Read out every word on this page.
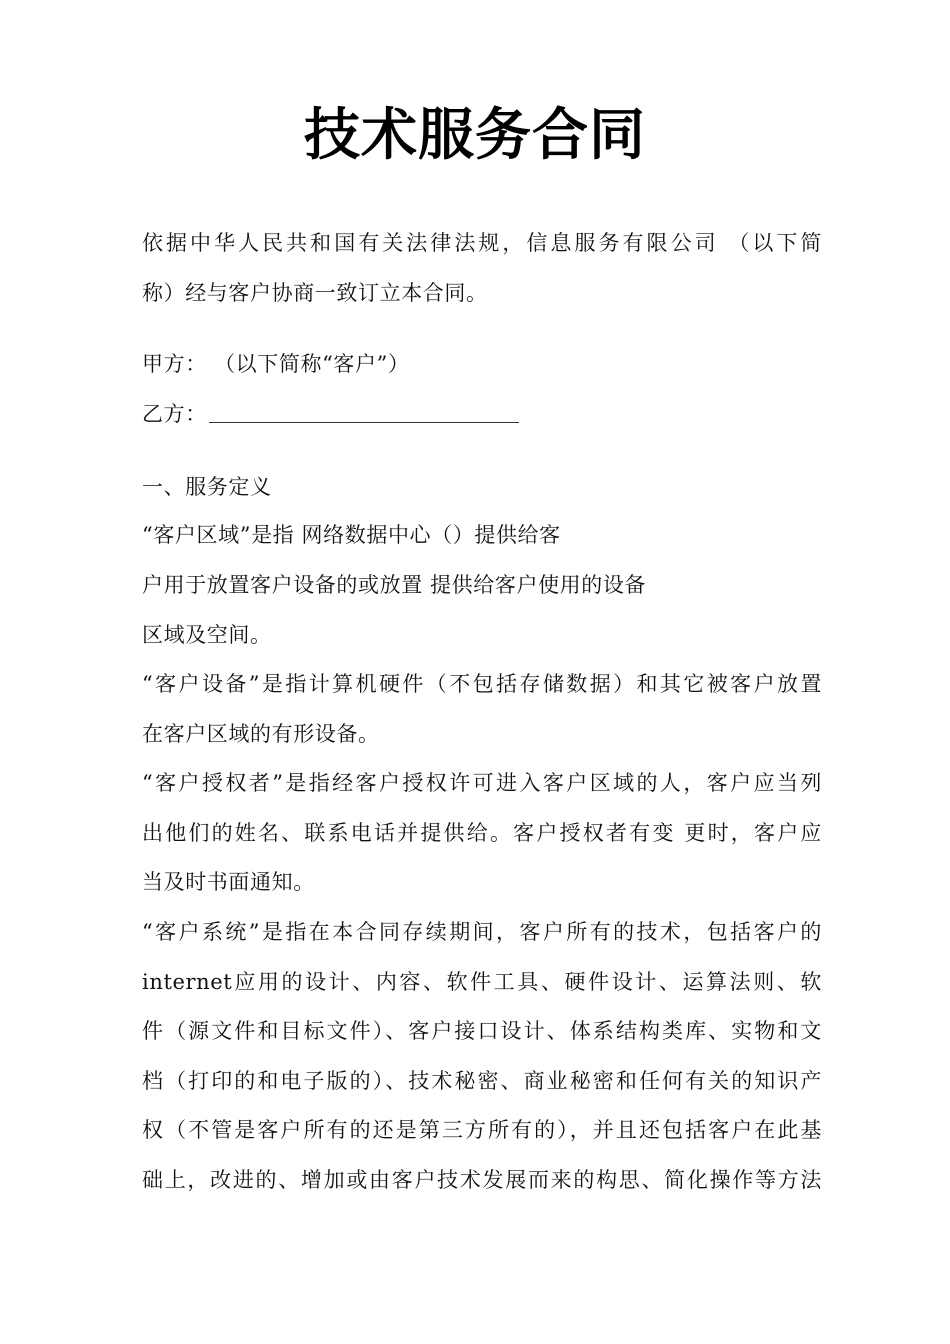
技术服务合同
依据中华人民共和国有关法律法规，信息服务有限公司 （以下简
称）经与客户协商一致订立本合同。
甲方： （以下简称“客户”）
乙方：
一、服务定义
“客户区域”是指 网络数据中心（）提供给客
户用于放置客户设备的或放置 提供给客户使用的设备
区域及空间。
“客户设备”是指计算机硬件（不包括存储数据）和其它被客户放置
在客户区域的有形设备。
“客户授权者”是指经客户授权许可进入客户区域的人，客户应当列
出他们的姓名、联系电话并提供给。客户授权者有变 更时，客户应
当及时书面通知。
“客户系统”是指在本合同存续期间，客户所有的技术，包括客户的
internet应用的设计、内容、软件工具、硬件设计、运算法则、软
件（源文件和目标文件）、客户接口设计、体系结构类库、实物和文
档（打印的和电子版的）、技术秘密、商业秘密和任何有关的知识产
权（不管是客户所有的还是第三方所有的），并且还包括客户在此基
础上，改进的、增加或由客户技术发展而来的构思、简化操作等方法
